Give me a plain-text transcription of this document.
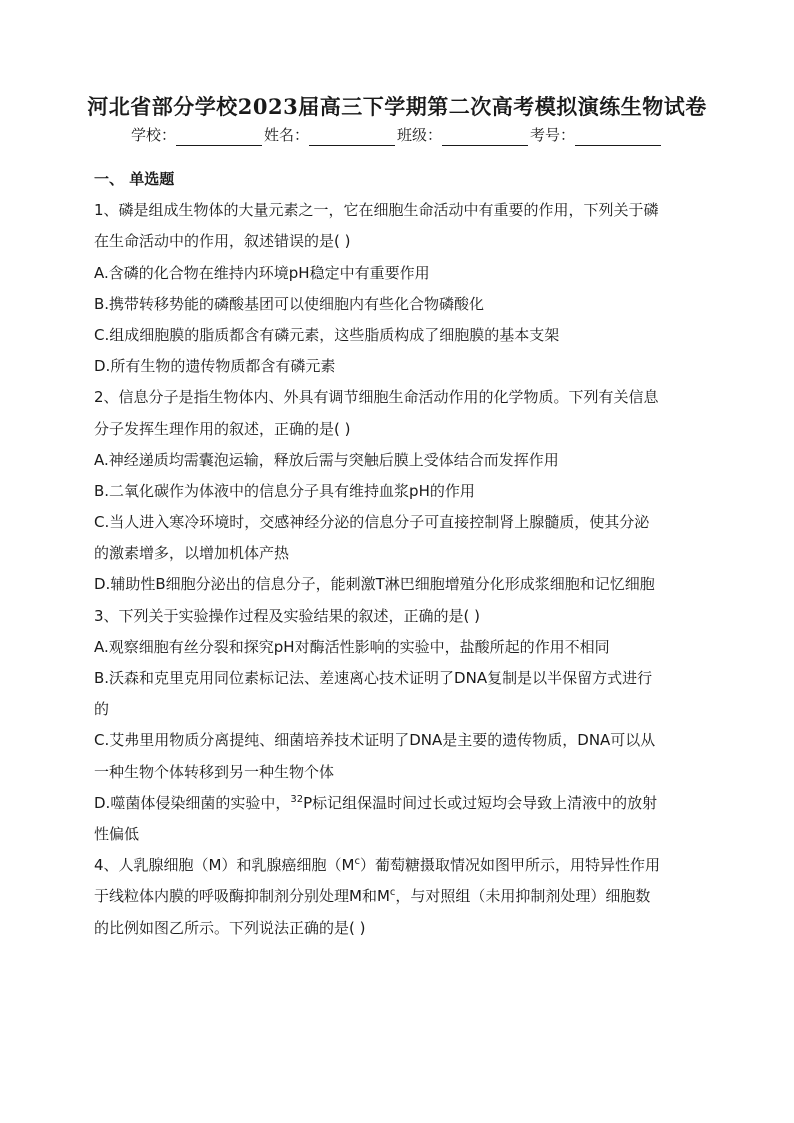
河北省部分学校2023届高三下学期第二次高考模拟演练生物试卷
学校：	姓名：	班级：	考号：
一、 单选题
1、磷是组成生物体的大量元素之一，它在细胞生命活动中有重要的作用，下列关于磷
在生命活动中的作用，叙述错误的是( )
A.含磷的化合物在维持内环境pH稳定中有重要作用
B.携带转移势能的磷酸基团可以使细胞内有些化合物磷酸化
C.组成细胞膜的脂质都含有磷元素，这些脂质构成了细胞膜的基本支架
D.所有生物的遗传物质都含有磷元素
2、信息分子是指生物体内、外具有调节细胞生命活动作用的化学物质。下列有关信息
分子发挥生理作用的叙述，正确的是( )
A.神经递质均需囊泡运输，释放后需与突触后膜上受体结合而发挥作用
B.二氧化碳作为体液中的信息分子具有维持血浆pH的作用
C.当人进入寒冷环境时，交感神经分泌的信息分子可直接控制肾上腺髓质，使其分泌
的激素增多，以增加机体产热
D.辅助性B细胞分泌出的信息分子，能刺激T淋巴细胞增殖分化形成浆细胞和记忆细胞
3、下列关于实验操作过程及实验结果的叙述，正确的是( )
A.观察细胞有丝分裂和探究pH对酶活性影响的实验中，盐酸所起的作用不相同
B.沃森和克里克用同位素标记法、差速离心技术证明了DNA复制是以半保留方式进行
的
C.艾弗里用物质分离提纯、细菌培养技术证明了DNA是主要的遗传物质，DNA可以从
一种生物个体转移到另一种生物个体
D.噬菌体侵染细菌的实验中，$^{32}$P标记组保温时间过长或过短均会导致上清液中的放射
性偏低
4、人乳腺细胞（M）和乳腺癌细胞$(M^c)$葡萄糖摄取情况如图甲所示，用特异性作用
于线粒体内膜的呼吸酶抑制剂分别处理M和$M^c$，与对照组（未用抑制剂处理）细胞数
的比例如图乙所示。下列说法正确的是( )
